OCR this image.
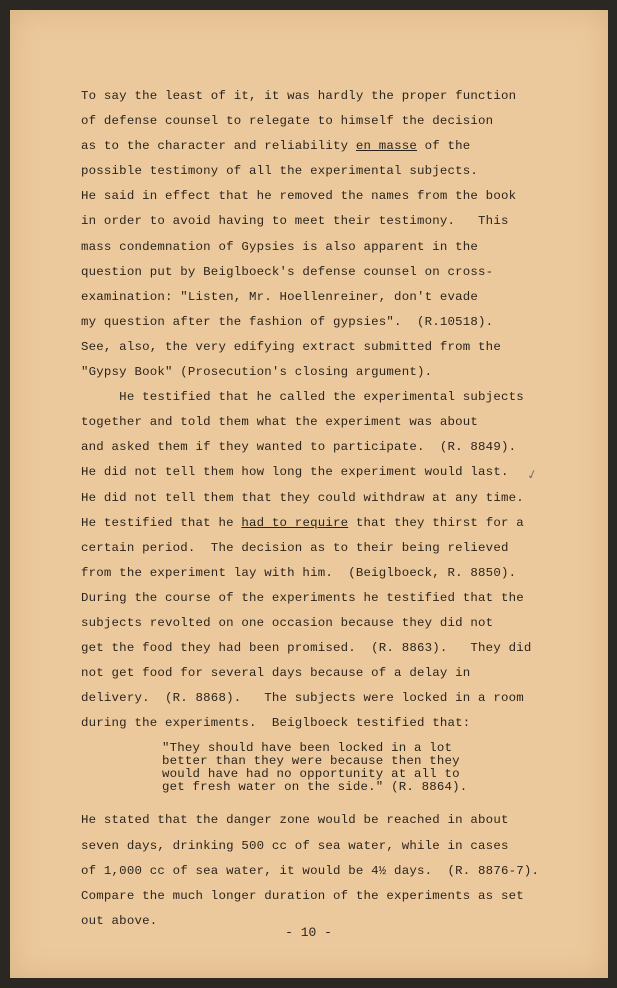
To say the least of it, it was hardly the proper function
of defense counsel to relegate to himself the decision
as to the character and reliability en masse of the
possible testimony of all the experimental subjects.
He said in effect that he removed the names from the book
in order to avoid having to meet their testimony.   This
mass condemnation of Gypsies is also apparent in the
question put by Beiglboeck's defense counsel on cross-
examination: "Listen, Mr. Hoellenreiner, don't evade
my question after the fashion of gypsies".  (R.10518).
See, also, the very edifying extract submitted from the
"Gypsy Book" (Prosecution's closing argument).
He testified that he called the experimental subjects
together and told them what the experiment was about
and asked them if they wanted to participate.  (R. 8849).
He did not tell them how long the experiment would last.
He did not tell them that they could withdraw at any time.
He testified that he had to require that they thirst for a
certain period.  The decision as to their being relieved
from the experiment lay with him.  (Beiglboeck, R. 8850).
During the course of the experiments he testified that the
subjects revolted on one occasion because they did not
get the food they had been promised.  (R. 8863).   They did
not get food for several days because of a delay in
delivery.  (R. 8868).   The subjects were locked in a room
during the experiments.  Beiglboeck testified that:
"They should have been locked in a lot
better than they were because then they
would have had no opportunity at all to
get fresh water on the side." (R. 8864).
He stated that the danger zone would be reached in about
seven days, drinking 500 cc of sea water, while in cases
of 1,000 cc of sea water, it would be 4½ days.  (R. 8876-7).
Compare the much longer duration of the experiments as set
out above.
✓
- 10 -
